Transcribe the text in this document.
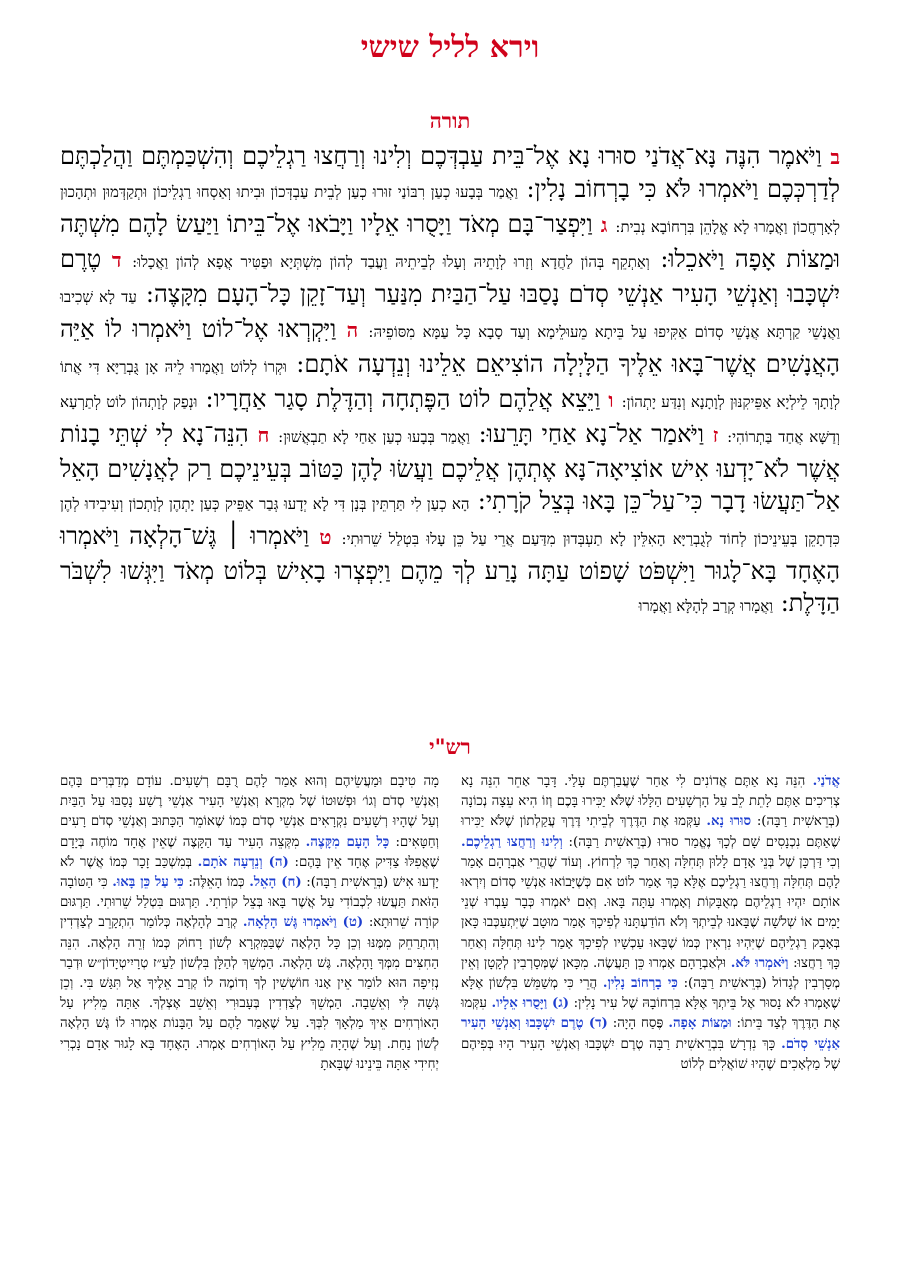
וירא לליל שישי
תורה
ב וַיֹּאמֶר הִנֶּה נָּא־אֲדֹנַי סוּרוּ נָא אֶל־בֵּית עַבְדְּכֶם וְלִינוּ וְרַחֲצוּ רַגְלֵיכֶם וְהִשְׁכַּמְתֶּם וַהֲלַכְתֶּם לְדַרְכְּכֶם וַיֹּאמְרוּ לֹּא כִּי בָרְחוֹב נָלִין: וַאֲמַר בְּבָעוּ כְעַן רִבּוֹנַי זוּרוּ כְעַן לְבֵית עַבְדְּכוֹן וּבִיתוּ וְאַסְחוּ רַגְלֵיכוֹן וּתְקַדְּמוּן וּתְהָכוּן לְאָרְחֲכוֹן וַאֲמָרוּ לָא אֱלָהֵן בִּרְחוֹבָא נְבִית: ג וַיִּפְצַר־בָּם מְאֹד וַיָּסֻרוּ אֵלָיו וַיָּבֹאוּ אֶל־בֵּיתוֹ וַיַּעַשׂ לָהֶם מִשְׁתֶּה וּמַצּוֹת אָפָה וַיֹּאכֵלוּ: וְאַתְקֵף בְּהוֹן לַחֲדָא וְזָרוּ לְוָתֵיהּ וְעָלוּ לְבֵיתֵיהּ וַעֲבַד לְהוֹן מִשְׁתְּיָא וּפַטִּיר אֲפָא לְהוֹן וַאֲכָלוּ: ד טֶרֶם יִשְׁכָּבוּ וְאַנְשֵׁי הָעִיר אַנְשֵׁי סְדֹם נָסַבּוּ עַל־הַבַּיִת מִנַּעַר וְעַד־זָקֵן כָּל־הָעָם מִקָּצֶה: עַד לָא שְׁכִיבוּ וַאֲנָשֵׁי קַרְתָּא אֲנָשֵׁי סְדוֹם אַקִּיפוּ עַל בֵּיתָא מֵעוּלֵימָא וְעַד סָבָא כָּל עַמָּא מִסּוֹפֵיהּ: ה וַיִּקְרְאוּ אֶל־לוֹט וַיֹּאמְרוּ לוֹ אַיֵּה הָאֲנָשִׁים אֲשֶׁר־בָּאוּ אֵלֶיךָ הַלָּיְלָה הוֹצִיאֵם אֵלֵינוּ וְנֵדְעָה אֹתָם: וּקְרוֹ לְלוֹט וַאֲמָרוּ לֵיהּ אָן גֻּבְרַיָּא דִּי אֲתוֹ לְוָתָךְ לֵילְיָא אַפֵּיקִנּוּן לְוָתָנָא וְנִדַּע יָתְהוֹן: ו וַיֵּצֵא אֲלֵהֶם לוֹט הַפֶּתְחָה וְהַדֶּלֶת סָגַר אַחֲרָיו: וּנְפַק לְוָתְהוֹן לוֹט לְתַרְעָא וְדַשָּׁא אֲחַד בַּתְרוֹהִי: ז וַיֹּאמַר אַל־נָא אַחַי תָּרֵעוּ: וַאֲמַר בְּבָעוּ כְעַן אַחַי לָא תַבְאֲשׁוּן: ח הִנֵּה־נָא לִי שְׁתֵּי בָנוֹת אֲשֶׁר לֹא־יָדְעוּ אִישׁ אוֹצִיאָה־נָּא אֶתְהֶן אֲלֵיכֶם וַעֲשׂוּ לָהֶן כַּטּוֹב בְּעֵינֵיכֶם רַק לָאֲנָשִׁים הָאֵל אַל־תַּעֲשׂוּ דָבָר כִּי־עַל־כֵּן בָּאוּ בְּצֵל קֹרָתִי: הָא כְעַן לִי תַּרְתֵּין בְּנָן דִּי לָא יְדָעוּ גְּבַר אַפֵּיק כְּעַן יָתְהֶן לְוָתְכוֹן וְעִיבִידוּ לְהֶן כִּדְתָקֵן בְּעֵינֵיכוֹן לְחוֹד לְגֻבְרַיָּא הָאִלֵּין לָא תַעְבְּדוּן מִדַּעַם אֲרֵי עַל כֵּן עָלוּ בִּטְלַל שֵׁרוּתִי: ט וַיֹּאמְרוּ ׀ גֶּשׁ־הָלְאָה וַיֹּאמְרוּ הָאֶחָד בָּא־לָגוּר וַיִּשְׁפֹּט שָׁפוֹט עַתָּה נָרַע לְךָ מֵהֶם וַיִּפְצְרוּ בָאִישׁ בְּלוֹט מְאֹד וַיִּגְּשׁוּ לִשְׁבֹּר הַדָּלֶת: וַאֲמָרוּ קְרַב לְהָלָּא וַאֲמָרוּ
רש"י
אֲדֹנַי. הִנֵּה נָא אַתֶּם אֲדוֹנִים לִי אַחַר שֶׁעֲבַרְתֶּם עָלַי. דָּבָר אַחֵר הִנֵּה נָא צְרִיכִים אַתֶּם לָתֵת לֵב עַל הָרְשָׁעִים הַלָּלוּ שֶׁלֹּא יַכִּירוּ בָּכֶם וְזוֹ הִיא עֵצָה נְכוֹנָה (בְּרֵאשִׁית רַבָּה): סוּרוּ נָא. עַקְּמוּ אֶת הַדֶּרֶךְ לְבֵיתִי דֶּרֶךְ עֲקַלְתוֹן שֶׁלֹּא יַכִּירוּ שֶׁאַתֶּם נִכְנָסִים שָׁם לְכָךְ נֶאֱמַר סוּרוּ (בְּרֵאשִׁית רַבָּה): וְלִינוּ וְרַחֲצוּ רַגְלֵיכֶם. וְכִי דַּרְכָּן שֶׁל בְּנֵי אָדָם לָלוּן תְּחִלָּה וְאַחַר כָּךְ לִרְחוֹץ. וְעוֹד שֶׁהֲרֵי אַבְרָהָם אָמַר לָהֶם תְּחִלָּה וְרַחֲצוּ רַגְלֵיכֶם אֶלָּא כָּךְ אָמַר לוֹט אִם כְּשֶׁיָּבוֹאוּ אַנְשֵׁי סְדוֹם וְיִרְאוּ אוֹתָם יִהְיוּ רַגְלֵיהֶם מְאֻבָּקוֹת וְאָמְרוּ עַתָּה בָּאוּ. וְאִם יֹאמְרוּ כְּבָר עָבְרוּ שְׁנֵי יָמִים אוֹ שְׁלֹשָׁה שֶׁבָּאנוּ לְבֵיתְךָ וְלֹא הוֹדַעְתָּנוּ לְפִיכָךְ אָמַר מוּטָב שֶׁיִּתְעַכְּבוּ כָּאן בְּאָבָק רַגְלֵיהֶם שֶׁיִּהְיוּ נִרְאִין כְּמוֹ שֶׁבָּאוּ עַכְשָׁיו לְפִיכָךְ אָמַר לִינוּ תְּחִלָּה וְאַחַר כָּךְ רַחֲצוּ: וַיֹּאמְרוּ לֹּא. וּלְאַבְרָהָם אָמְרוּ כֵּן תַּעֲשֶׂה. מִכָּאן שֶׁמְּסָרְבִין לְקָטָן וְאֵין מְסָרְבִין לְגָדוֹל (בְּרֵאשִׁית רַבָּה): כִּי בָרְחוֹב נָלִין. הֲרֵי כִּי מְשַׁמֵּשׁ בִּלְשׁוֹן אֶלָּא שֶׁאָמְרוּ לֹא נָסוּר אֶל בֵּיתְךָ אֶלָּא בִּרְחוֹבָהּ שֶׁל עִיר נָלִין: (ג) וַיָּסֻרוּ אֵלָיו. עִקְּמוּ אֶת הַדֶּרֶךְ לְצַד בֵּיתוֹ: וּמַצּוֹת אָפָה. פֶּסַח הָיָה: (ד) טֶרֶם יִשְׁכָּבוּ וְאַנְשֵׁי הָעִיר אַנְשֵׁי סְדֹם. כָּךְ נִדְרָשׁ בִּבְרֵאשִׁית רַבָּה טֶרֶם יִשְׁכָּבוּ וְאַנְשֵׁי הָעִיר הָיוּ בְּפִיהֶם שֶׁל מַלְאָכִים שֶׁהָיוּ שׁוֹאֲלִים לְלוֹט
מָה טִיבָם וּמַעֲשֵׂיהֶם וְהוּא אָמַר לָהֶם רֻבָּם רְשָׁעִים. עוֹדָם מְדַבְּרִים בָּהֶם וְאַנְשֵׁי סְדֹם וְגוֹ׳ וּפְשׁוּטוֹ שֶׁל מִקְרָא וְאַנְשֵׁי הָעִיר אַנְשֵׁי רֶשַׁע נָסַבּוּ עַל הַבַּיִת וְעַל שֶׁהָיוּ רְשָׁעִים נִקְרָאִים אַנְשֵׁי סְדֹם כְּמוֹ שֶׁאוֹמֵר הַכָּתוּב וְאַנְשֵׁי סְדֹם רָעִים וְחַטָּאִים: כָּל הָעָם מִקָּצֶה. מִקְּצֵה הָעִיר עַד הַקָּצֶה שֶׁאֵין אֶחָד מוֹחֶה בְּיָדָם שֶׁאֲפִלּוּ צַדִּיק אֶחָד אֵין בָּהֶם: (ה) וְנֵדְעָה אֹתָם. בְּמִשְׁכַּב זָכָר כְּמוֹ אֲשֶׁר לֹא יָדְעוּ אִישׁ (בְּרֵאשִׁית רַבָּה): (ח) הָאֵל. כְּמוֹ הָאֵלֶּה: כִּי עַל כֵּן בָּאוּ. כִּי הַטּוֹבָה הַזֹּאת תַּעֲשׂוּ לִכְבוֹדִי עַל אֲשֶׁר בָּאוּ בְּצֵל קוֹרָתִי. תַּרְגּוּם בִּטְלַל שֵׁרוּתִי. תַּרְגּוּם קוֹרָה שֵׁרוּתָא: (ט) וַיֹּאמְרוּ גֶּשׁ הָלְאָה. קְרַב לְהָלְאָה כְּלוֹמַר הִתְקָרֵב לְצַדְדִין וְהִתְרַחֵק מִמֶּנּוּ וְכֵן כָּל הָלְאָה שֶׁבַּמִּקְרָא לְשׁוֹן רָחוֹק כְּמוֹ זְרֵה הָלְאָה. הִנֵּה הַחִצִּים מִמְּךָ וָהָלְאָה. גֶּשׁ הָלְאָה. הַמְשֵׁךְ לְהַלָּן בִּלְשׁוֹן לַעַ״ז טְרָיִיטְיָדוֹן״ש וּדְבַר נְזִיפָה הוּא לוֹמַר אֵין אָנוּ חוֹשְׁשִׁין לְךָ וְדוֹמֶה לוֹ קְרַב אֵלֶיךָ אַל תִּגַּשׁ בִּי. וְכֵן גְּשָׁה לִּי וְאֵשֵׁבָה. הַמְשֵׁךְ לְצַדְדִין בְּעָבוּרִי וְאֵשֵׁב אֶצְלְךָ. אַתָּה מֵלִיץ עַל הָאוֹרְחִים אֵיךְ מַלְאָךְ לִבְּךָ. עַל שֶׁאָמַר לָהֶם עַל הַבָּנוֹת אָמְרוּ לוֹ גֶּשׁ הָלְאָה לְשׁוֹן נַחַת. וְעַל שֶׁהָיָה מֵלִיץ עַל הָאוֹרְחִים אָמְרוּ. הָאֶחָד בָּא לָגוּר אָדָם נָכְרִי יְחִידִי אַתָּה בֵּינֵינוּ שֶׁבָּאתָ
